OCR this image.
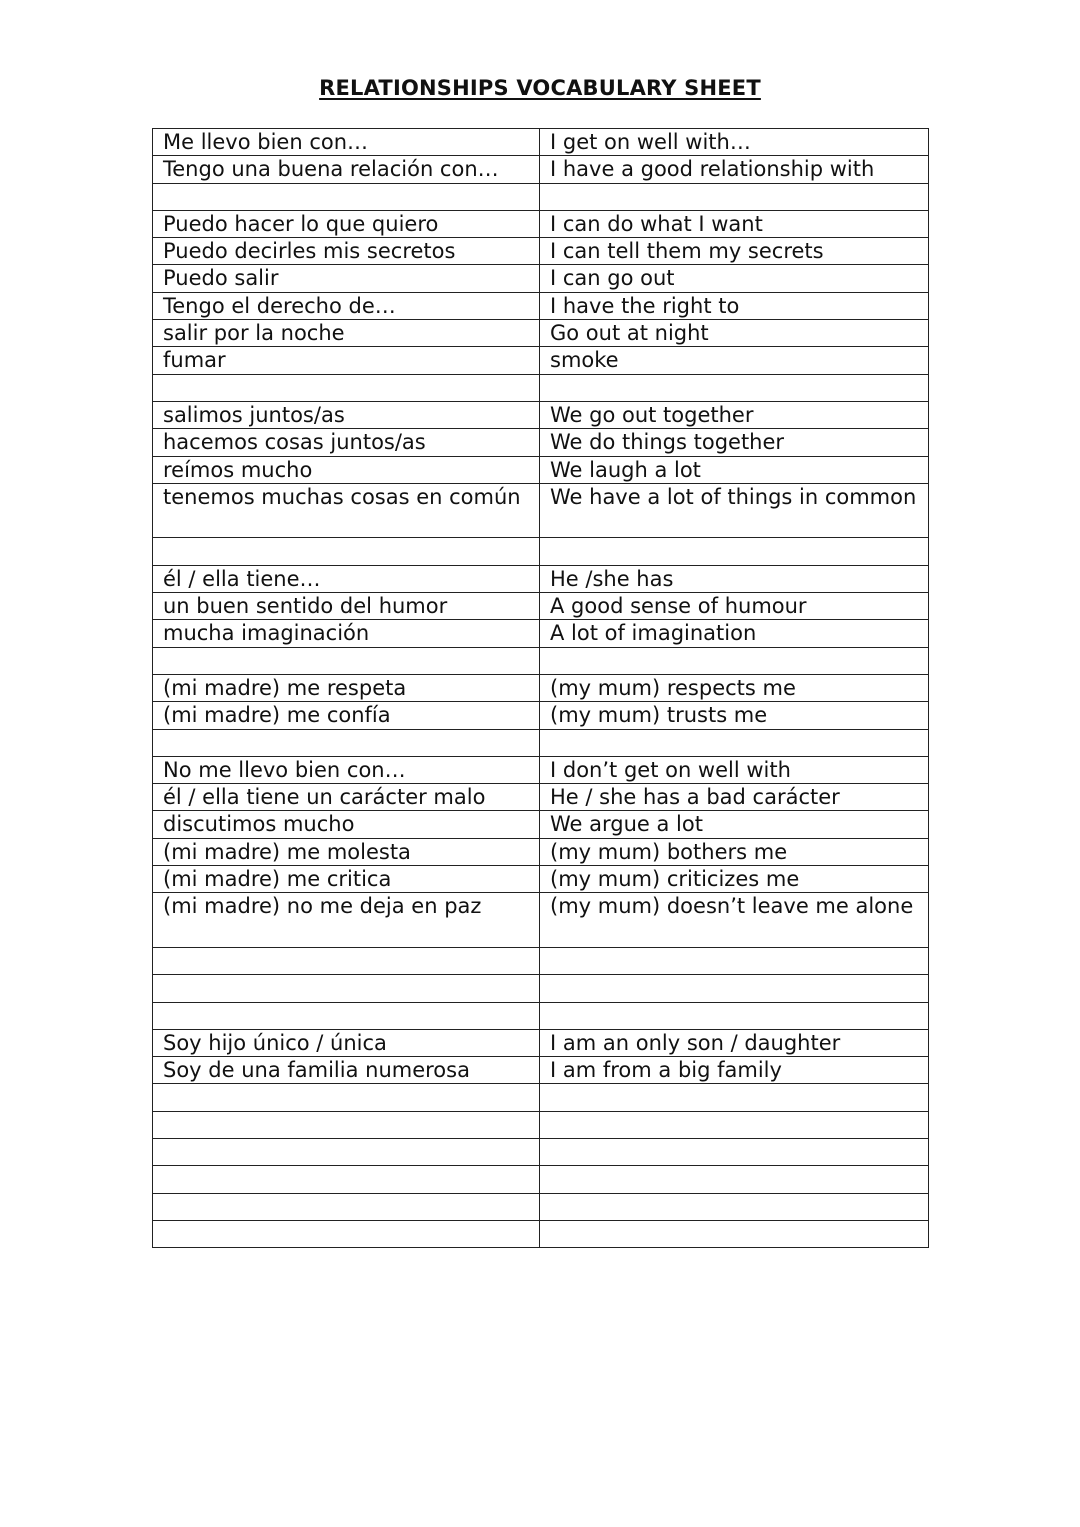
RELATIONSHIPS VOCABULARY SHEET
Me llevo bien con…	I get on well with…
Tengo una buena relación con…	I have a good relationship with

Puedo hacer lo que quiero	I can do what I want
Puedo decirles mis secretos	I can tell them my secrets
Puedo salir	I can go out
Tengo el derecho de…	I have the right to
salir por la noche	Go out at night
fumar	smoke

salimos juntos/as	We go out together
hacemos cosas juntos/as	We do things together
reímos mucho	We laugh a lot
tenemos muchas cosas en común	We have a lot of things in common

él / ella tiene…	He /she has
un buen sentido del humor	A good sense of humour
mucha imaginación	A lot of imagination

(mi madre) me respeta	(my mum) respects me
(mi madre) me confía	(my mum) trusts me

No me llevo bien con…	I don’t get on well with
él / ella tiene un carácter malo	He / she has a bad carácter
discutimos mucho	We argue a lot
(mi madre) me molesta	(my mum) bothers me
(mi madre) me critica	(my mum) criticizes me
(mi madre) no me deja en paz	(my mum) doesn’t leave me alone

Soy hijo único / única	I am an only son / daughter
Soy de una familia numerosa	I am from a big family
